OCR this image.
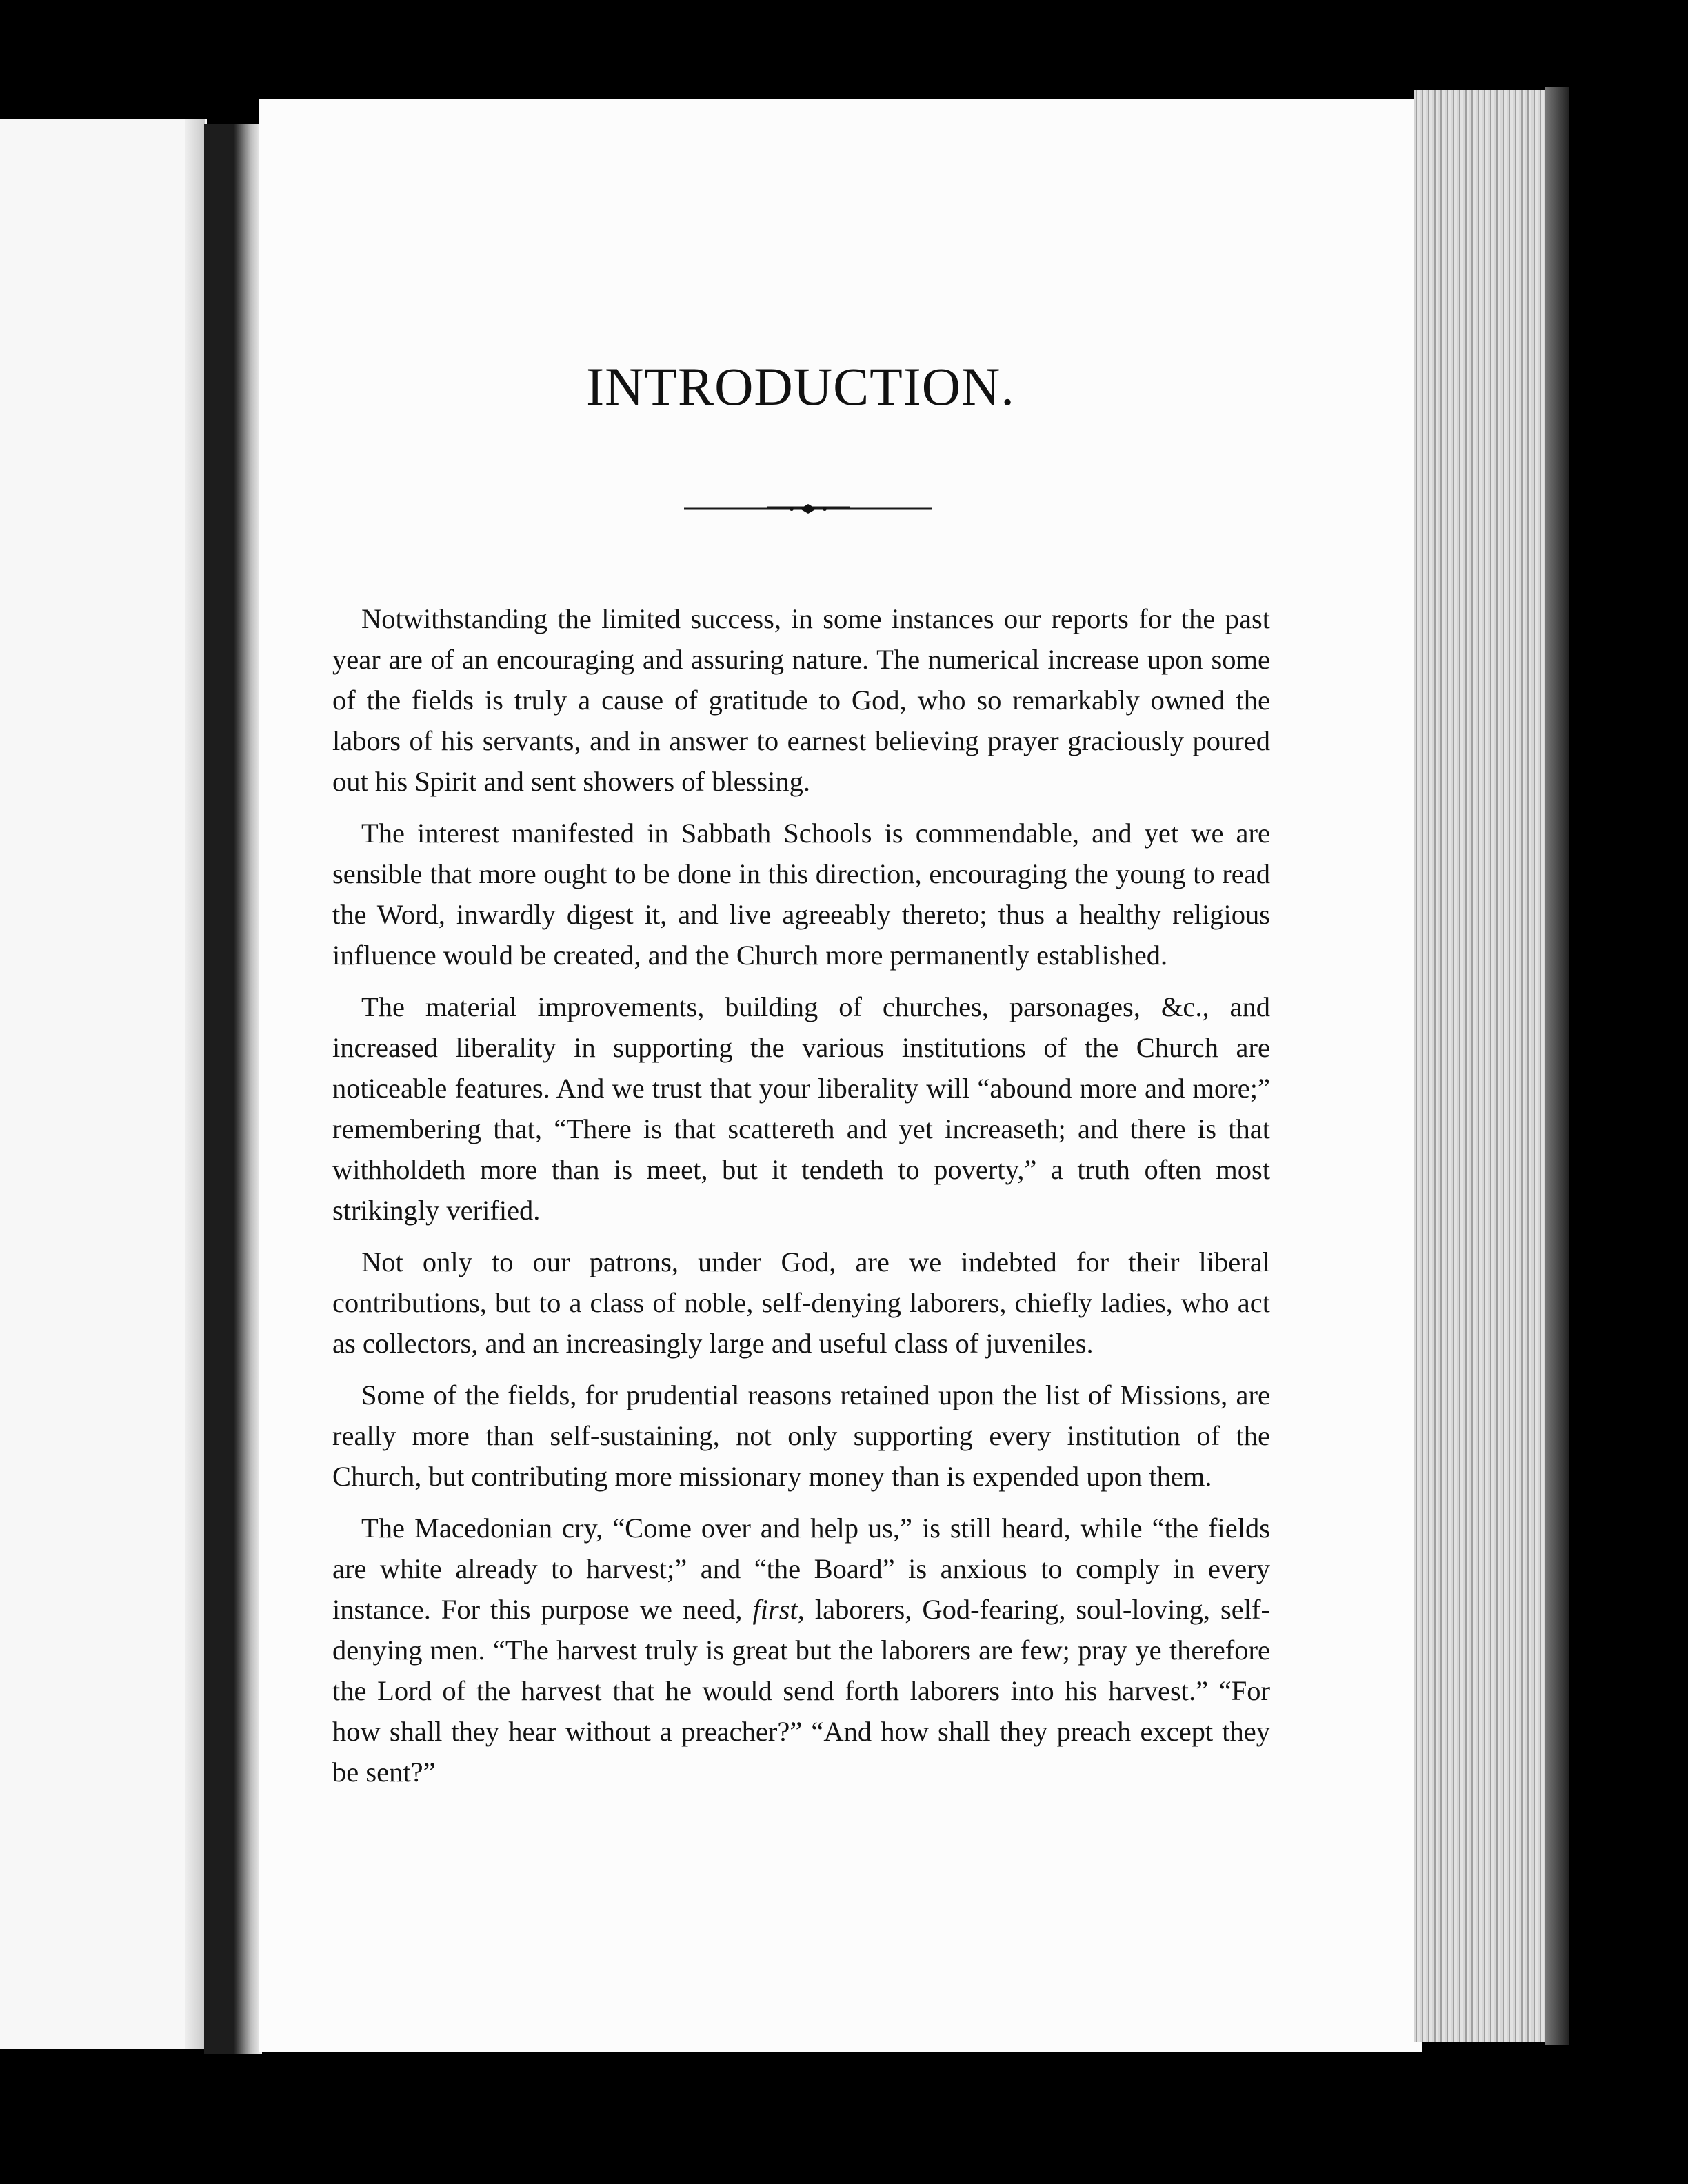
INTRODUCTION.

Notwithstanding the limited success, in some instances our reports for the past year are of an encouraging and assuring nature. The numerical increase upon some of the fields is truly a cause of gratitude to God, who so remarkably owned the labors of his servants, and in answer to earnest believing prayer graciously poured out his Spirit and sent showers of blessing.

The interest manifested in Sabbath Schools is commendable, and yet we are sensible that more ought to be done in this direction, encouraging the young to read the Word, inwardly digest it, and live agreeably thereto; thus a healthy religious influence would be created, and the Church more permanently established.

The material improvements, building of churches, parsonages, &c., and increased liberality in supporting the various institutions of the Church are noticeable features. And we trust that your liberality will “abound more and more;” remembering that, “There is that scattereth and yet increaseth; and there is that withholdeth more than is meet, but it tendeth to poverty,” a truth often most strikingly verified.

Not only to our patrons, under God, are we indebted for their liberal contributions, but to a class of noble, self-denying laborers, chiefly ladies, who act as collectors, and an increasingly large and useful class of juveniles.

Some of the fields, for prudential reasons retained upon the list of Missions, are really more than self-sustaining, not only supporting every institution of the Church, but contributing more missionary money than is expended upon them.

The Macedonian cry, “Come over and help us,” is still heard, while “the fields are white already to harvest;” and “the Board” is anxious to comply in every instance. For this purpose we need, first, laborers, God-fearing, soul-loving, self-denying men. “The harvest truly is great but the laborers are few; pray ye therefore the Lord of the harvest that he would send forth laborers into his harvest.” “For how shall they hear without a preacher?” “And how shall they preach except they be sent?”
